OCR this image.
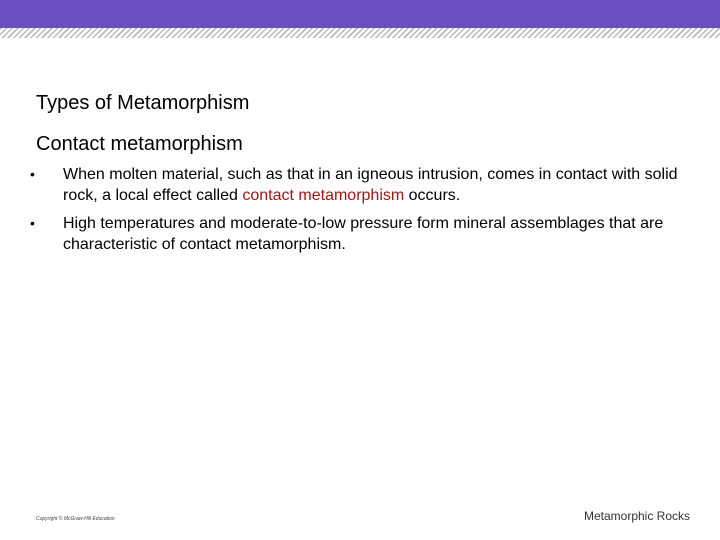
Types of Metamorphism
Contact metamorphism
• When molten material, such as that in an igneous intrusion, comes in contact with solid rock, a local effect called contact metamorphism occurs.
• High temperatures and moderate-to-low pressure form mineral assemblages that are characteristic of contact metamorphism.
Copyright © McGraw-Hill Education	Metamorphic Rocks
